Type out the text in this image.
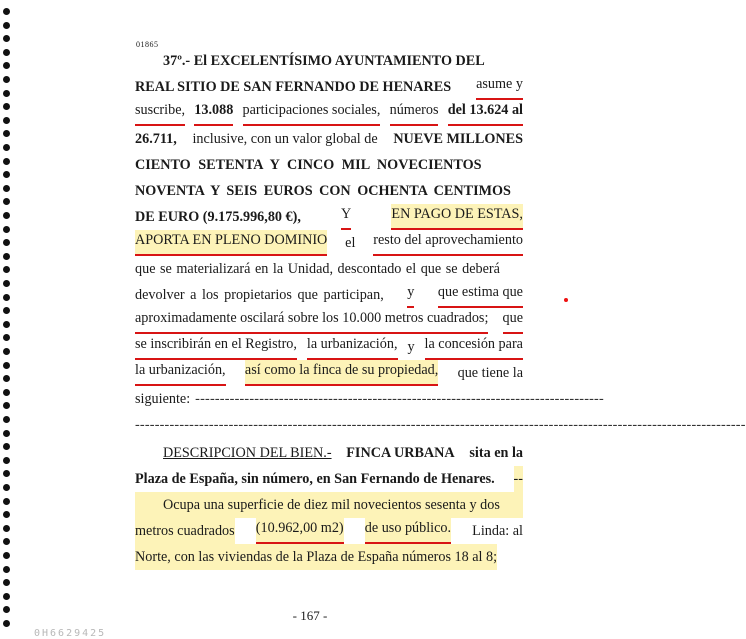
01865
37º.- El EXCELENTÍSIMO AYUNTAMIENTO DEL
REAL SITIO DE SAN FERNANDO DE HENARES asume y
suscribe, 13.088 participaciones sociales, números del 13.624 al
26.711, inclusive, con un valor global de NUEVE MILLONES
CIENTO SETENTA Y CINCO MIL NOVECIENTOS
NOVENTA Y SEIS EUROS CON OCHENTA CENTIMOS
DE EURO (9.175.996,80 €),	Y	EN PAGO DE ESTAS,
APORTA EN PLENO DOMINIO el resto del aprovechamiento
que se materializará en la Unidad, descontado el que se deberá
devolver a los propietarios que participan, y que estima que
aproximadamente oscilará sobre los 10.000 metros cuadrados; que
se inscribirán en el Registro, la urbanización, y la concesión para
la urbanización, así como la finca de su propiedad, que tiene la
siguiente: -----------------------------------------------------------------------------------
----------------------------------------------------------------------------------------------------------------------------
DESCRIPCION DEL BIEN.- FINCA URBANA sita en la
Plaza de España, sin número, en San Fernando de Henares. --
Ocupa una superficie de diez mil novecientos sesenta y dos
metros cuadrados (10.962,00 m2) de uso público. Linda: al
Norte, con las viviendas de la Plaza de España números 18 al 8;
- 167 -
0H6629425
